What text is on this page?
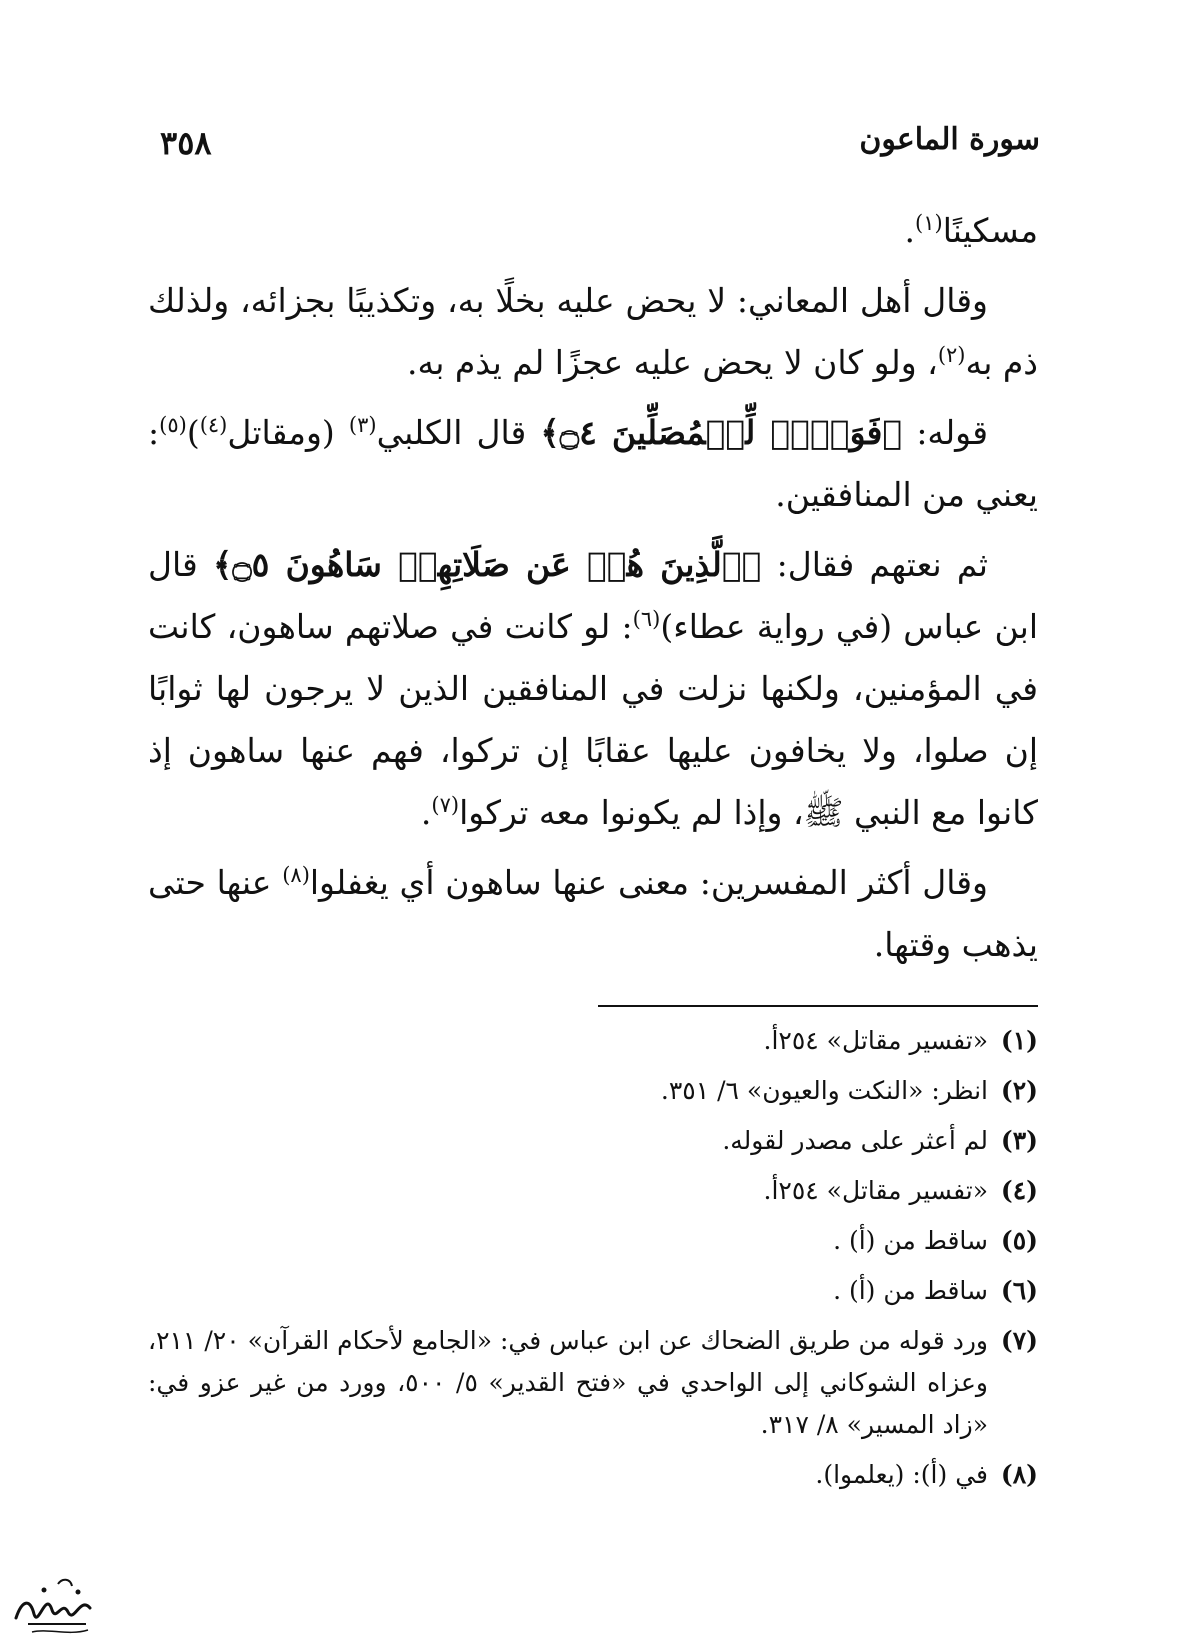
سورة الماعون
٣٥٨

مسكينًا$^{(١)}$.

وقال أهل المعاني: لا يحض عليه بخلًا به، وتكذيبًا بجزائه، ولذلك ذم به$^{(٢)}$، ولو كان لا يحض عليه عجزًا لم يذم به.

قوله: ﴿فَوَيۡلٞ لِّلۡمُصَلِّينَ ۝٤﴾ قال الكلبي$^{(٣)}$ (ومقاتل$^{(٤)}$)$^{(٥)}$: يعني من المنافقين.

ثم نعتهم فقال: ﴿ٱلَّذِينَ هُمۡ عَن صَلَاتِهِمۡ سَاهُونَ ۝٥﴾ قال ابن عباس (في رواية عطاء)$^{(٦)}$: لو كانت في صلاتهم ساهون، كانت في المؤمنين، ولكنها نزلت في المنافقين الذين لا يرجون لها ثوابًا إن صلوا، ولا يخافون عليها عقابًا إن تركوا، فهم عنها ساهون إذ كانوا مع النبي ﷺ، وإذا لم يكونوا معه تركوا$^{(٧)}$.

وقال أكثر المفسرين: معنى عنها ساهون أي يغفلوا$^{(٨)}$ عنها حتى يذهب وقتها.

(١)
«تفسير مقاتل» ٢٥٤أ.
(٢)
انظر: «النكت والعيون» ٦/ ٣٥١.
(٣)
لم أعثر على مصدر لقوله.
(٤)
«تفسير مقاتل» ٢٥٤أ.
(٥)
ساقط من (أ) .
(٦)
ساقط من (أ) .
(٧)
ورد قوله من طريق الضحاك عن ابن عباس في: «الجامع لأحكام القرآن» ٢٠/ ٢١١، وعزاه الشوكاني إلى الواحدي في «فتح القدير» ٥/ ٥٠٠، وورد من غير عزو في: «زاد المسير» ٨/ ٣١٧.
(٨)
في (أ): (يعلموا).
